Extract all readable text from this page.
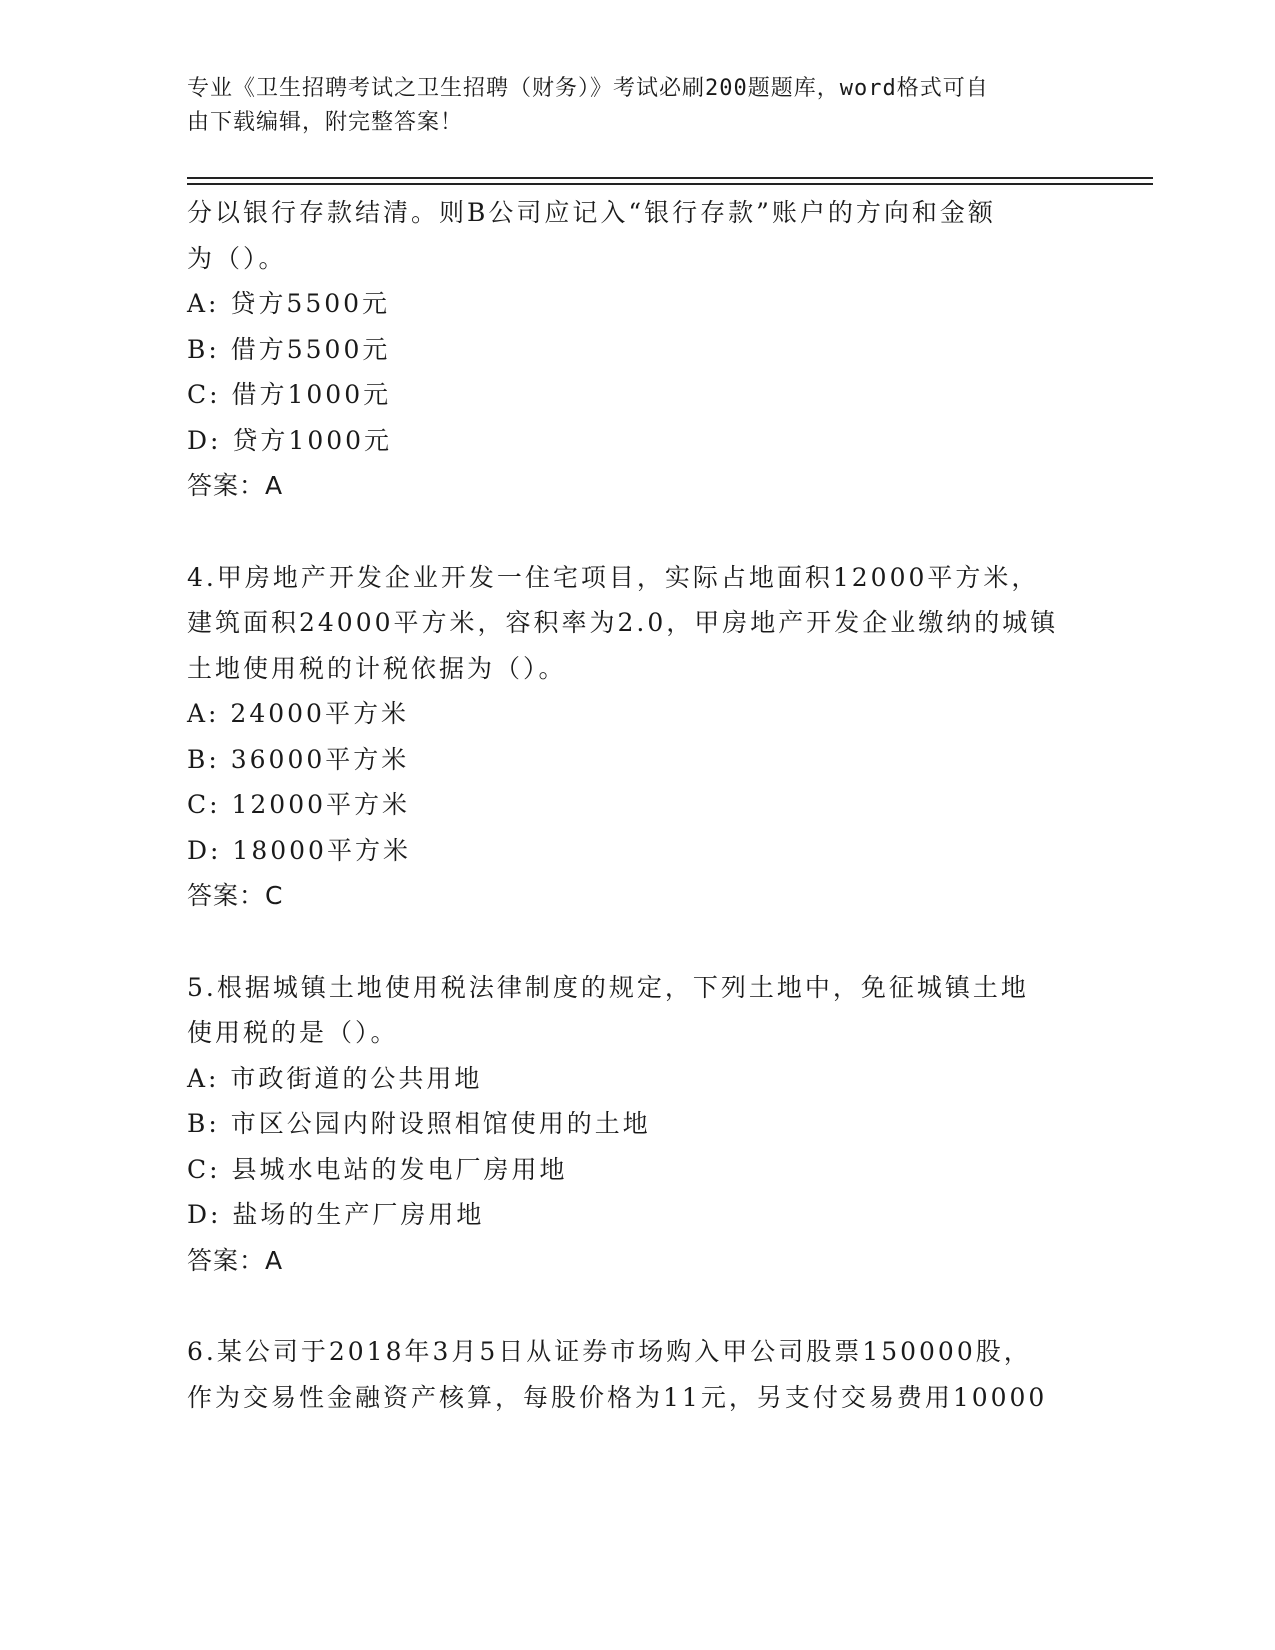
专业《卫生招聘考试之卫生招聘（财务）》考试必刷200题题库，word格式可自
由下载编辑，附完整答案！
分以银行存款结清。则B公司应记入“银行存款”账户的方向和金额
为（）。
A: 贷方5500元
B: 借方5500元
C: 借方1000元
D: 贷方1000元
答案：A
4.甲房地产开发企业开发一住宅项目，实际占地面积12000平方米，
建筑面积24000平方米，容积率为2.0，甲房地产开发企业缴纳的城镇
土地使用税的计税依据为（）。
A: 24000平方米
B: 36000平方米
C: 12000平方米
D: 18000平方米
答案：C
5.根据城镇土地使用税法律制度的规定，下列土地中，免征城镇土地
使用税的是（）。
A: 市政街道的公共用地
B: 市区公园内附设照相馆使用的土地
C: 县城水电站的发电厂房用地
D: 盐场的生产厂房用地
答案：A
6.某公司于2018年3月5日从证券市场购入甲公司股票150000股，
作为交易性金融资产核算，每股价格为11元，另支付交易费用10000
